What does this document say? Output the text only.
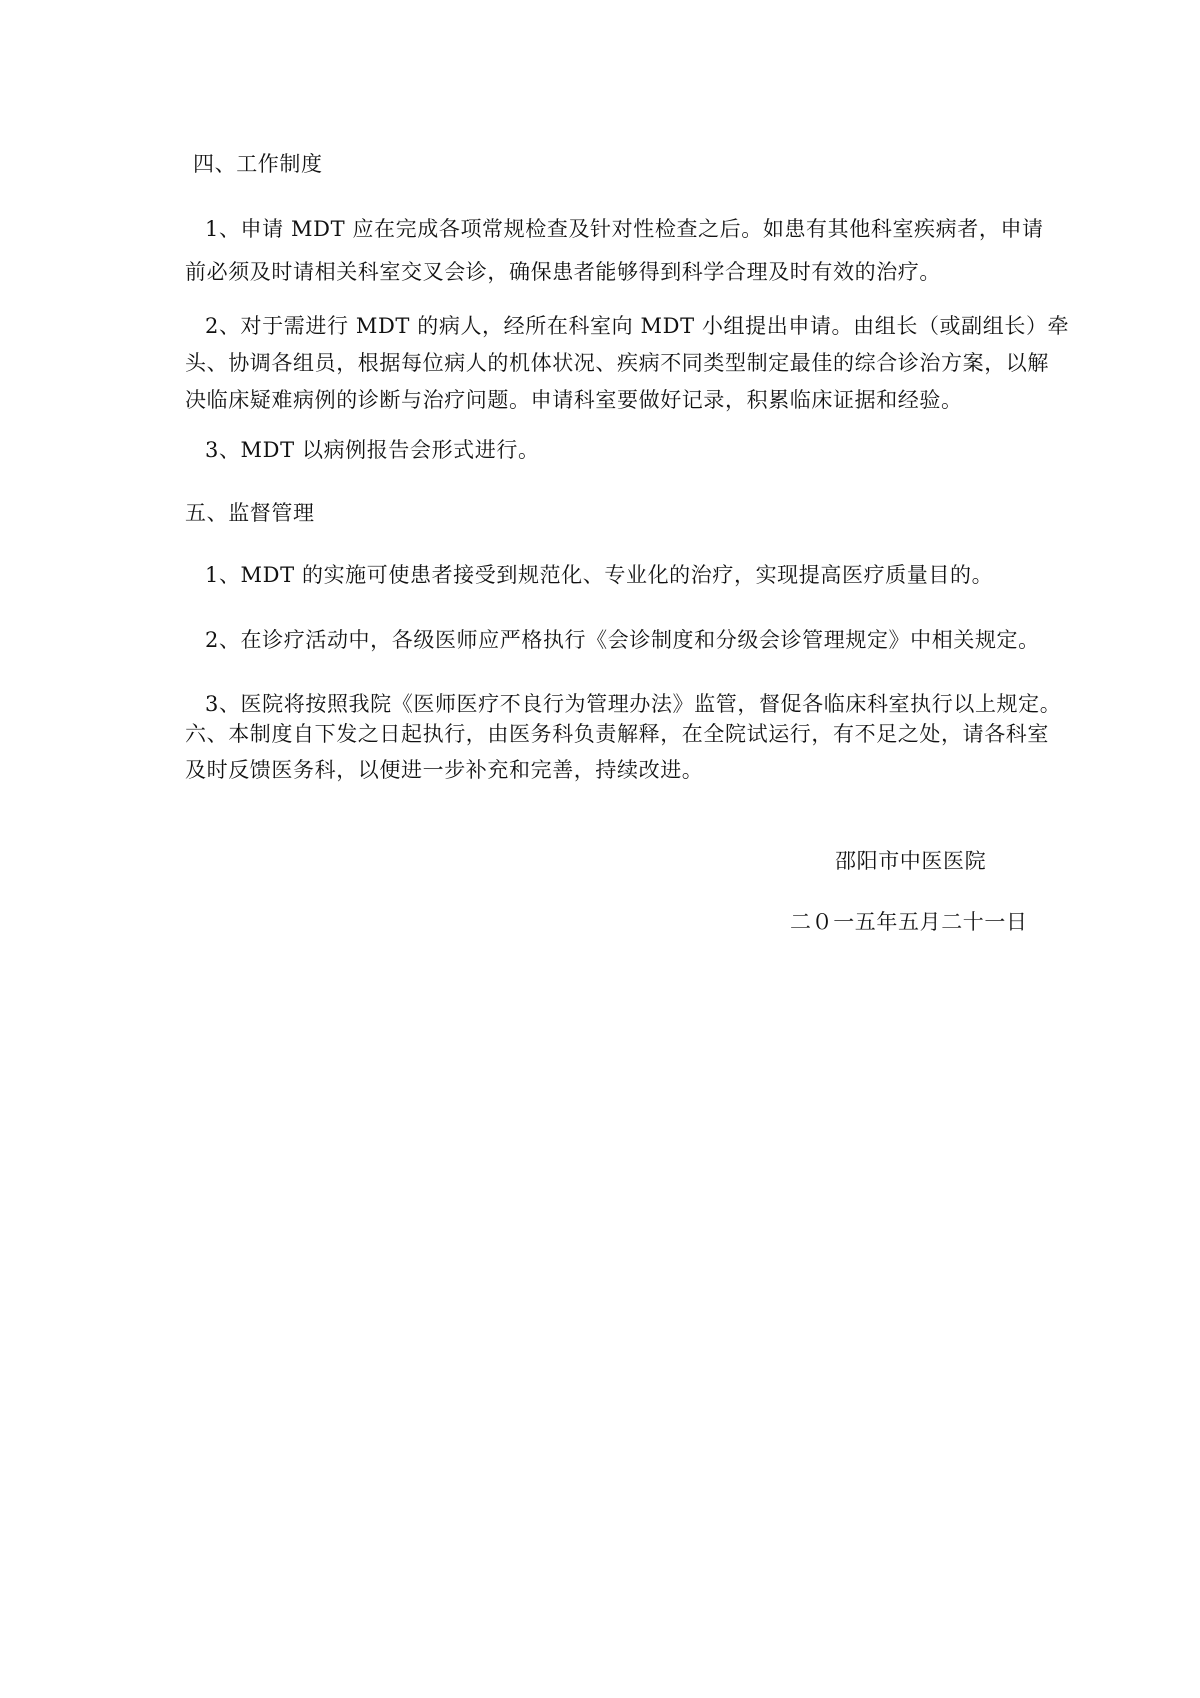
四、工作制度

1、申请 MDT 应在完成各项常规检查及针对性检查之后。如患有其他科室疾病者，申请
前必须及时请相关科室交叉会诊，确保患者能够得到科学合理及时有效的治疗。

2、对于需进行 MDT 的病人，经所在科室向 MDT 小组提出申请。由组长（或副组长）牵
头、协调各组员，根据每位病人的机体状况、疾病不同类型制定最佳的综合诊治方案，以解
决临床疑难病例的诊断与治疗问题。申请科室要做好记录，积累临床证据和经验。

3、MDT 以病例报告会形式进行。

五、监督管理

1、MDT 的实施可使患者接受到规范化、专业化的治疗，实现提高医疗质量目的。

2、在诊疗活动中，各级医师应严格执行《会诊制度和分级会诊管理规定》中相关规定。

3、医院将按照我院《医师医疗不良行为管理办法》监管，督促各临床科室执行以上规定。

六、本制度自下发之日起执行，由医务科负责解释，在全院试运行，有不足之处，请各科室
及时反馈医务科，以便进一步补充和完善，持续改进。

邵阳市中医医院

二０一五年五月二十一日
